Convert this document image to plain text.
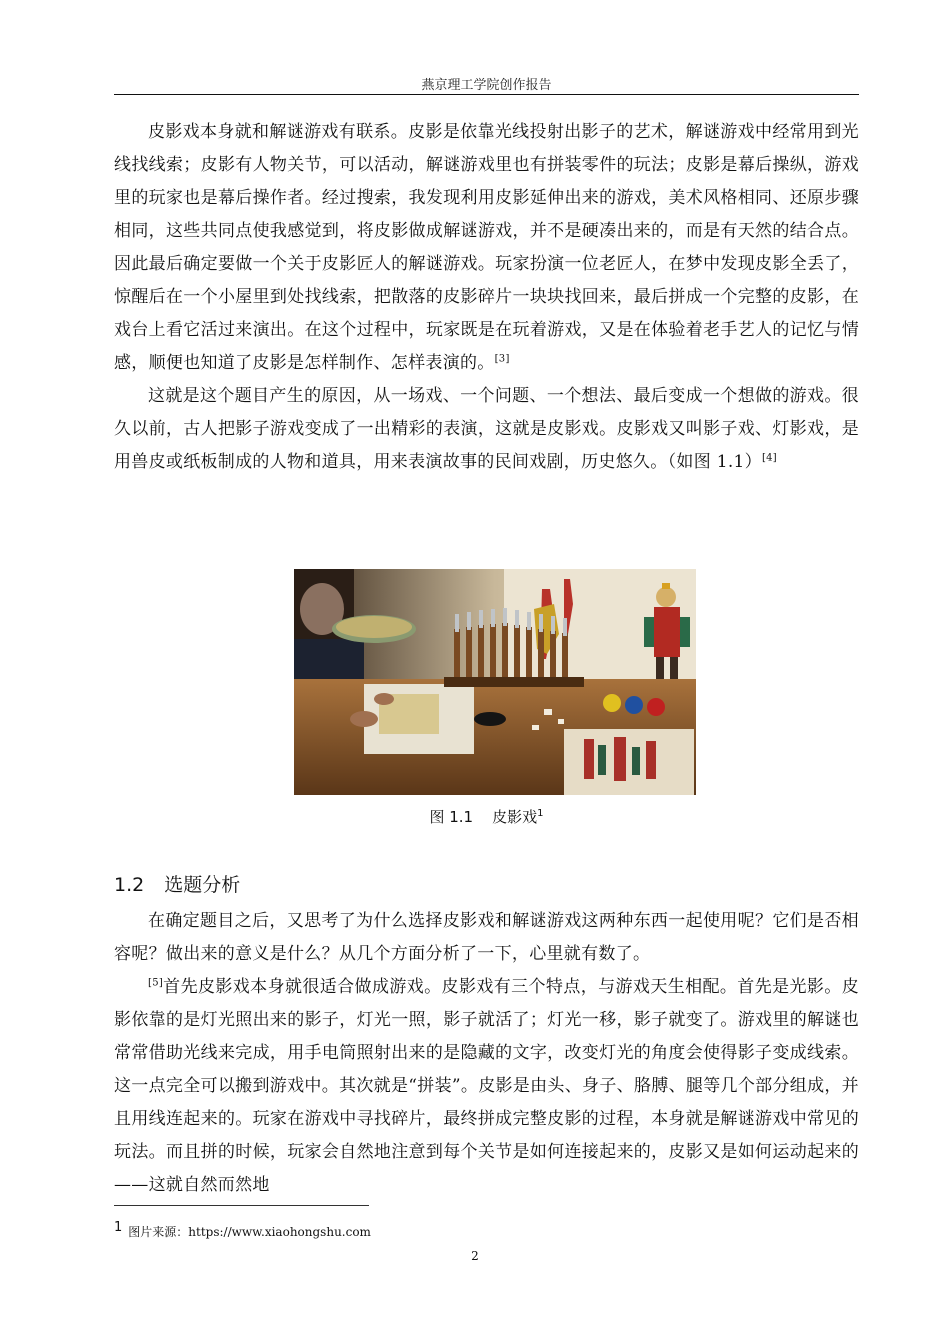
燕京理工学院创作报告

皮影戏本身就和解谜游戏有联系。皮影是依靠光线投射出影子的艺术，解谜游戏中经常用到光线找线索；皮影有人物关节，可以活动，解谜游戏里也有拼装零件的玩法；皮影是幕后操纵，游戏里的玩家也是幕后操作者。经过搜索，我发现利用皮影延伸出来的游戏，美术风格相同、还原步骤相同，这些共同点使我感觉到，将皮影做成解谜游戏，并不是硬凑出来的，而是有天然的结合点。因此最后确定要做一个关于皮影匠人的解谜游戏。玩家扮演一位老匠人，在梦中发现皮影全丢了，惊醒后在一个小屋里到处找线索，把散落的皮影碎片一块块找回来，最后拼成一个完整的皮影，在戏台上看它活过来演出。在这个过程中，玩家既是在玩着游戏，又是在体验着老手艺人的记忆与情感，顺便也知道了皮影是怎样制作、怎样表演的。[3]

这就是这个题目产生的原因，从一场戏、一个问题、一个想法、最后变成一个想做的游戏。很久以前，古人把影子游戏变成了一出精彩的表演，这就是皮影戏。皮影戏又叫影子戏、灯影戏，是用兽皮或纸板制成的人物和道具，用来表演故事的民间戏剧，历史悠久。（如图 1.1）[4]

图 1.1 皮影戏$^1$
1.2 选题分析

在确定题目之后，又思考了为什么选择皮影戏和解谜游戏这两种东西一起使用呢？它们是否相容呢？做出来的意义是什么？从几个方面分析了一下，心里就有数了。

[5]首先皮影戏本身就很适合做成游戏。皮影戏有三个特点，与游戏天生相配。首先是光影。皮影依靠的是灯光照出来的影子，灯光一照，影子就活了；灯光一移，影子就变了。游戏里的解谜也常常借助光线来完成，用手电筒照射出来的是隐藏的文字，改变灯光的角度会使得影子变成线索。这一点完全可以搬到游戏中。其次就是“拼装”。皮影是由头、身子、胳膊、腿等几个部分组成，并且用线连起来的。玩家在游戏中寻找碎片，最终拼成完整皮影的过程，本身就是解谜游戏中常见的玩法。而且拼的时候，玩家会自然地注意到每个关节是如何连接起来的，皮影又是如何运动起来的——这就自然而然地

1 图片来源：https://www.xiaohongshu.com
2
